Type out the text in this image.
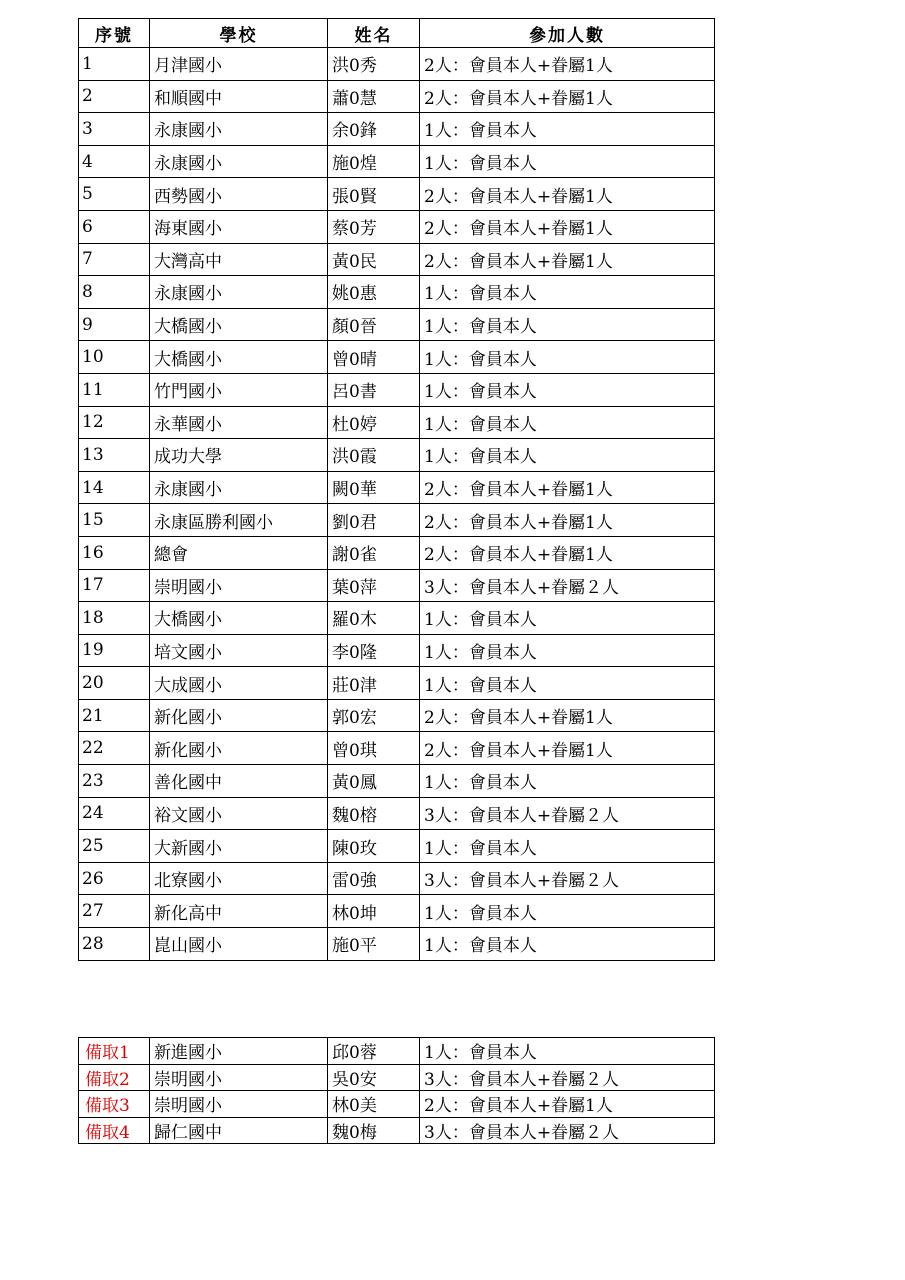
序號	學校	姓名	參加人數
1	月津國小	洪0秀	2人：會員本人+眷屬1人
2	和順國中	蕭0慧	2人：會員本人+眷屬1人
3	永康國小	余0鋒	1人：會員本人
4	永康國小	施0煌	1人：會員本人
5	西勢國小	張0賢	2人：會員本人+眷屬1人
6	海東國小	蔡0芳	2人：會員本人+眷屬1人
7	大灣高中	黃0民	2人：會員本人+眷屬1人
8	永康國小	姚0惠	1人：會員本人
9	大橋國小	顏0晉	1人：會員本人
10	大橋國小	曾0晴	1人：會員本人
11	竹門國小	呂0書	1人：會員本人
12	永華國小	杜0婷	1人：會員本人
13	成功大學	洪0霞	1人：會員本人
14	永康國小	闕0華	2人：會員本人+眷屬1人
15	永康區勝利國小	劉0君	2人：會員本人+眷屬1人
16	總會	謝0雀	2人：會員本人+眷屬1人
17	崇明國小	葉0萍	3人：會員本人+眷屬２人
18	大橋國小	羅0木	1人：會員本人
19	培文國小	李0隆	1人：會員本人
20	大成國小	莊0津	1人：會員本人
21	新化國小	郭0宏	2人：會員本人+眷屬1人
22	新化國小	曾0琪	2人：會員本人+眷屬1人
23	善化國中	黃0鳳	1人：會員本人
24	裕文國小	魏0榕	3人：會員本人+眷屬２人
25	大新國小	陳0玫	1人：會員本人
26	北寮國小	雷0強	3人：會員本人+眷屬２人
27	新化高中	林0坤	1人：會員本人
28	崑山國小	施0平	1人：會員本人
備取1	新進國小	邱0蓉	1人：會員本人
備取2	崇明國小	吳0安	3人：會員本人+眷屬２人
備取3	崇明國小	林0美	2人：會員本人+眷屬1人
備取4	歸仁國中	魏0梅	3人：會員本人+眷屬２人
